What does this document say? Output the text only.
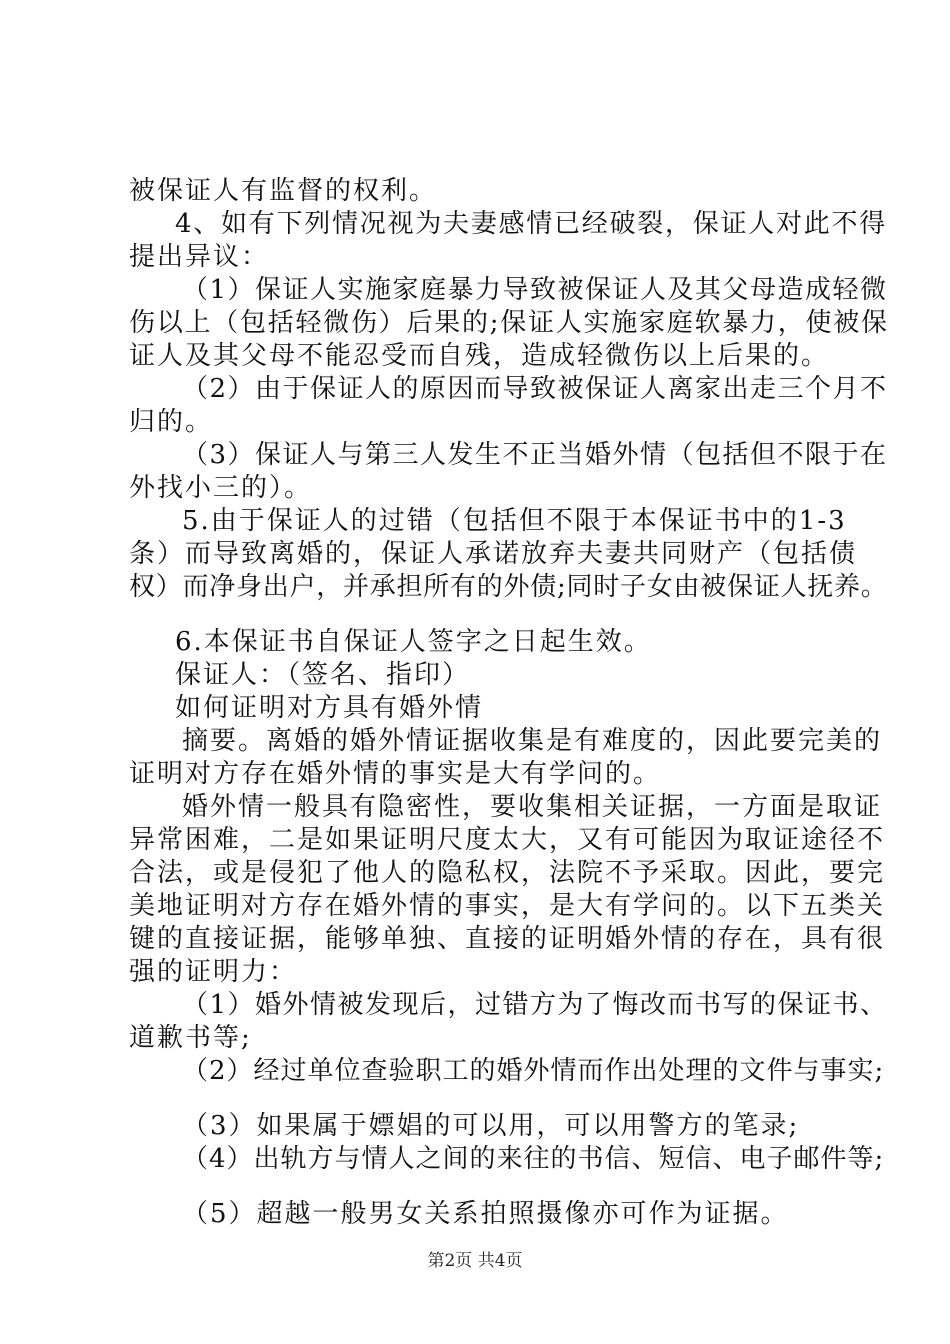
被保证人有监督的权利。
4、如有下列情况视为夫妻感情已经破裂，保证人对此不得
提出异议：
（1）保证人实施家庭暴力导致被保证人及其父母造成轻微
伤以上（包括轻微伤）后果的;保证人实施家庭软暴力，使被保
证人及其父母不能忍受而自残，造成轻微伤以上后果的。
（2）由于保证人的原因而导致被保证人离家出走三个月不
归的。
（3）保证人与第三人发生不正当婚外情（包括但不限于在
外找小三的）。
5.由于保证人的过错（包括但不限于本保证书中的1-3
条）而导致离婚的，保证人承诺放弃夫妻共同财产（包括债
权）而净身出户，并承担所有的外债;同时子女由被保证人抚养。
6.本保证书自保证人签字之日起生效。
保证人：（签名、指印）
如何证明对方具有婚外情
摘要。离婚的婚外情证据收集是有难度的，因此要完美的
证明对方存在婚外情的事实是大有学问的。
婚外情一般具有隐密性，要收集相关证据，一方面是取证
异常困难，二是如果证明尺度太大，又有可能因为取证途径不
合法，或是侵犯了他人的隐私权，法院不予采取。因此，要完
美地证明对方存在婚外情的事实，是大有学问的。以下五类关
键的直接证据，能够单独、直接的证明婚外情的存在，具有很
强的证明力：
（1）婚外情被发现后，过错方为了悔改而书写的保证书、
道歉书等;
（2）经过单位查验职工的婚外情而作出处理的文件与事实;
（3）如果属于嫖娼的可以用，可以用警方的笔录;
（4）出轨方与情人之间的来往的书信、短信、电子邮件等;
（5）超越一般男女关系拍照摄像亦可作为证据。
第2页 共4页
